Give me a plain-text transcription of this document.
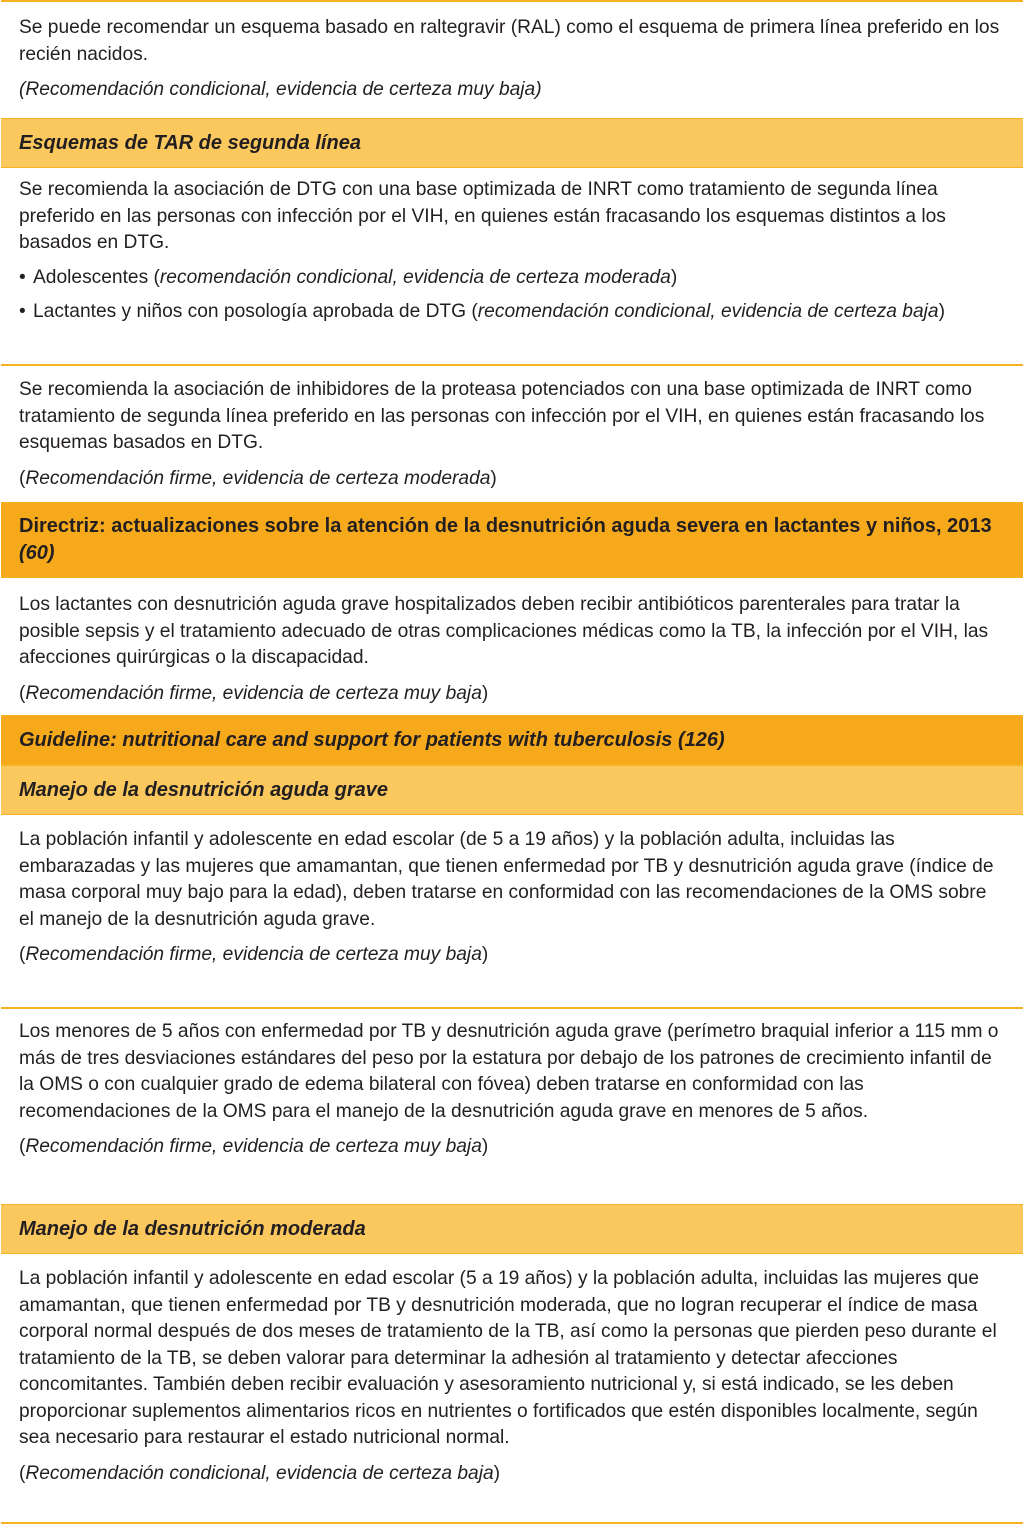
Se puede recomendar un esquema basado en raltegravir (RAL) como el esquema de primera línea preferido en los recién nacidos.

(Recomendación condicional, evidencia de certeza muy baja)

Esquemas de TAR de segunda línea

Se recomienda la asociación de DTG con una base optimizada de INRT como tratamiento de segunda línea preferido en las personas con infección por el VIH, en quienes están fracasando los esquemas distintos a los basados en DTG.

• Adolescentes (recomendación condicional, evidencia de certeza moderada)
• Lactantes y niños con posología aprobada de DTG (recomendación condicional, evidencia de certeza baja)

Se recomienda la asociación de inhibidores de la proteasa potenciados con una base optimizada de INRT como tratamiento de segunda línea preferido en las personas con infección por el VIH, en quienes están fracasando los esquemas basados en DTG.

(Recomendación firme, evidencia de certeza moderada)

Directriz: actualizaciones sobre la atención de la desnutrición aguda severa en lactantes y niños, 2013 (60)

Los lactantes con desnutrición aguda grave hospitalizados deben recibir antibióticos parenterales para tratar la posible sepsis y el tratamiento adecuado de otras complicaciones médicas como la TB, la infección por el VIH, las afecciones quirúrgicas o la discapacidad.

(Recomendación firme, evidencia de certeza muy baja)

Guideline: nutritional care and support for patients with tuberculosis (126)
Manejo de la desnutrición aguda grave

La población infantil y adolescente en edad escolar (de 5 a 19 años) y la población adulta, incluidas las embarazadas y las mujeres que amamantan, que tienen enfermedad por TB y desnutrición aguda grave (índice de masa corporal muy bajo para la edad), deben tratarse en conformidad con las recomendaciones de la OMS sobre el manejo de la desnutrición aguda grave.

(Recomendación firme, evidencia de certeza muy baja)

Los menores de 5 años con enfermedad por TB y desnutrición aguda grave (perímetro braquial inferior a 115 mm o más de tres desviaciones estándares del peso por la estatura por debajo de los patrones de crecimiento infantil de la OMS o con cualquier grado de edema bilateral con fóvea) deben tratarse en conformidad con las recomendaciones de la OMS para el manejo de la desnutrición aguda grave en menores de 5 años.

(Recomendación firme, evidencia de certeza muy baja)

Manejo de la desnutrición moderada

La población infantil y adolescente en edad escolar (5 a 19 años) y la población adulta, incluidas las mujeres que amamantan, que tienen enfermedad por TB y desnutrición moderada, que no logran recuperar el índice de masa corporal normal después de dos meses de tratamiento de la TB, así como la personas que pierden peso durante el tratamiento de la TB, se deben valorar para determinar la adhesión al tratamiento y detectar afecciones concomitantes. También deben recibir evaluación y asesoramiento nutricional y, si está indicado, se les deben proporcionar suplementos alimentarios ricos en nutrientes o fortificados que estén disponibles localmente, según sea necesario para restaurar el estado nutricional normal.

(Recomendación condicional, evidencia de certeza baja)
